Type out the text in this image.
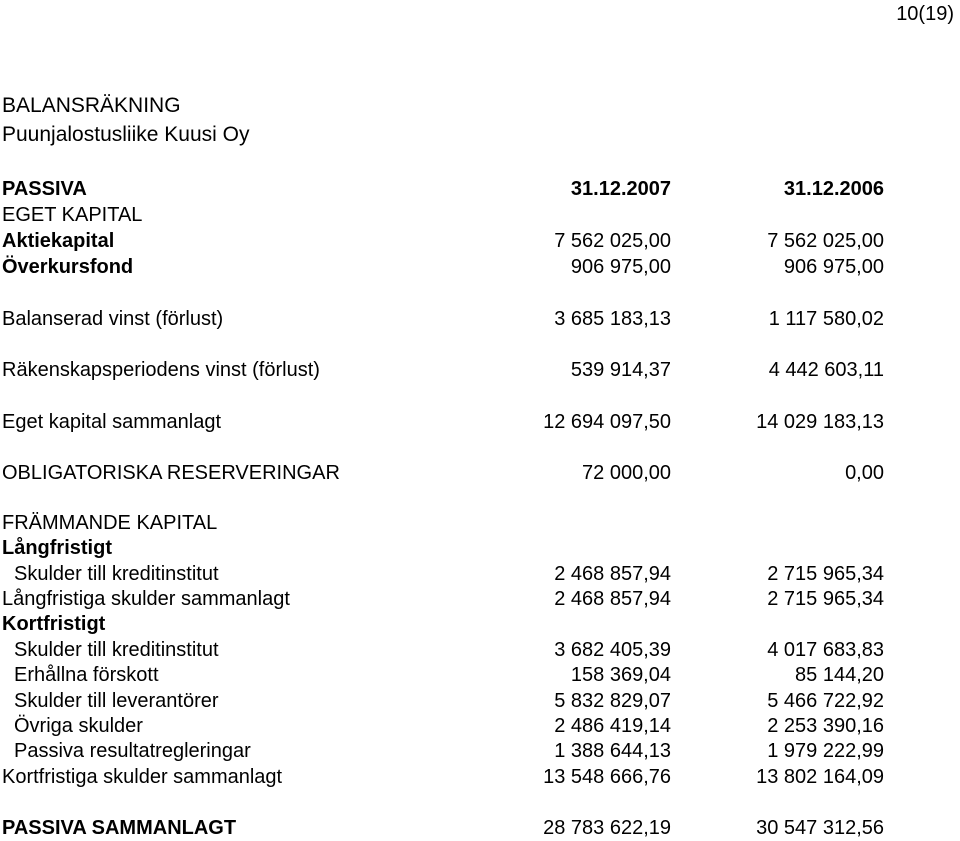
10(19)
BALANSRÄKNING
Puunjalostusliike Kuusi Oy
PASSIVA	31.12.2007	31.12.2006
EGET KAPITAL
Aktiekapital	7 562 025,00	7 562 025,00
Överkursfond	906 975,00	906 975,00
Balanserad vinst (förlust)	3 685 183,13	1 117 580,02
Räkenskapsperiodens vinst (förlust)	539 914,37	4 442 603,11
Eget kapital sammanlagt	12 694 097,50	14 029 183,13
OBLIGATORISKA RESERVERINGAR	72 000,00	0,00
FRÄMMANDE KAPITAL
Långfristigt
Skulder till kreditinstitut	2 468 857,94	2 715 965,34
Långfristiga skulder sammanlagt	2 468 857,94	2 715 965,34
Kortfristigt
Skulder till kreditinstitut	3 682 405,39	4 017 683,83
Erhållna förskott	158 369,04	85 144,20
Skulder till leverantörer	5 832 829,07	5 466 722,92
Övriga skulder	2 486 419,14	2 253 390,16
Passiva resultatregleringar	1 388 644,13	1 979 222,99
Kortfristiga skulder sammanlagt	13 548 666,76	13 802 164,09
PASSIVA SAMMANLAGT	28 783 622,19	30 547 312,56
